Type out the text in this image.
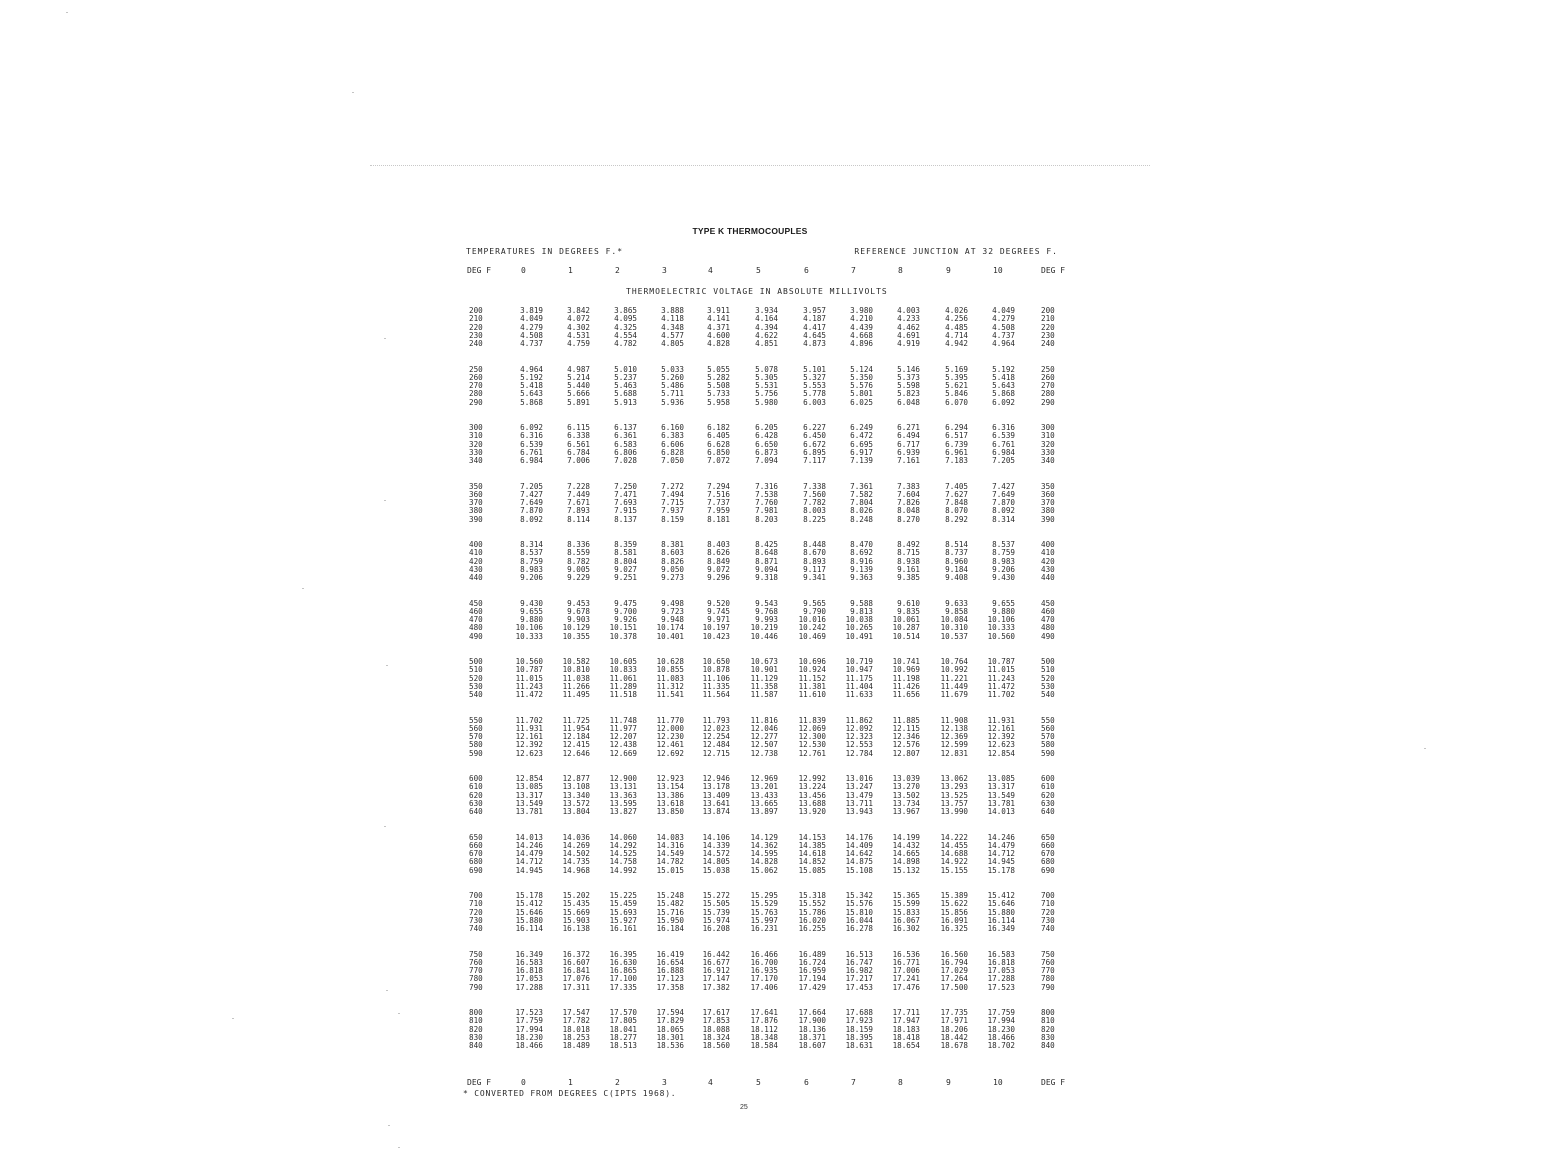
TYPE K THERMOCOUPLES
TEMPERATURES IN DEGREES F.*	REFERENCE JUNCTION AT 32 DEGREES F.
DEG F	0	1	2	3	4	5	6	7	8	9	10	DEG F
THERMOELECTRIC VOLTAGE IN ABSOLUTE MILLIVOLTS
200	3.819	3.842	3.865	3.888	3.911	3.934	3.957	3.980	4.003	4.026	4.049	200
210	4.049	4.072	4.095	4.118	4.141	4.164	4.187	4.210	4.233	4.256	4.279	210
220	4.279	4.302	4.325	4.348	4.371	4.394	4.417	4.439	4.462	4.485	4.508	220
230	4.508	4.531	4.554	4.577	4.600	4.622	4.645	4.668	4.691	4.714	4.737	230
240	4.737	4.759	4.782	4.805	4.828	4.851	4.873	4.896	4.919	4.942	4.964	240
250	4.964	4.987	5.010	5.033	5.055	5.078	5.101	5.124	5.146	5.169	5.192	250
260	5.192	5.214	5.237	5.260	5.282	5.305	5.327	5.350	5.373	5.395	5.418	260
270	5.418	5.440	5.463	5.486	5.508	5.531	5.553	5.576	5.598	5.621	5.643	270
280	5.643	5.666	5.688	5.711	5.733	5.756	5.778	5.801	5.823	5.846	5.868	280
290	5.868	5.891	5.913	5.936	5.958	5.980	6.003	6.025	6.048	6.070	6.092	290
300	6.092	6.115	6.137	6.160	6.182	6.205	6.227	6.249	6.271	6.294	6.316	300
310	6.316	6.338	6.361	6.383	6.405	6.428	6.450	6.472	6.494	6.517	6.539	310
320	6.539	6.561	6.583	6.606	6.628	6.650	6.672	6.695	6.717	6.739	6.761	320
330	6.761	6.784	6.806	6.828	6.850	6.873	6.895	6.917	6.939	6.961	6.984	330
340	6.984	7.006	7.028	7.050	7.072	7.094	7.117	7.139	7.161	7.183	7.205	340
350	7.205	7.228	7.250	7.272	7.294	7.316	7.338	7.361	7.383	7.405	7.427	350
360	7.427	7.449	7.471	7.494	7.516	7.538	7.560	7.582	7.604	7.627	7.649	360
370	7.649	7.671	7.693	7.715	7.737	7.760	7.782	7.804	7.826	7.848	7.870	370
380	7.870	7.893	7.915	7.937	7.959	7.981	8.003	8.026	8.048	8.070	8.092	380
390	8.092	8.114	8.137	8.159	8.181	8.203	8.225	8.248	8.270	8.292	8.314	390
400	8.314	8.336	8.359	8.381	8.403	8.425	8.448	8.470	8.492	8.514	8.537	400
410	8.537	8.559	8.581	8.603	8.626	8.648	8.670	8.692	8.715	8.737	8.759	410
420	8.759	8.782	8.804	8.826	8.849	8.871	8.893	8.916	8.938	8.960	8.983	420
430	8.983	9.005	9.027	9.050	9.072	9.094	9.117	9.139	9.161	9.184	9.206	430
440	9.206	9.229	9.251	9.273	9.296	9.318	9.341	9.363	9.385	9.408	9.430	440
450	9.430	9.453	9.475	9.498	9.520	9.543	9.565	9.588	9.610	9.633	9.655	450
460	9.655	9.678	9.700	9.723	9.745	9.768	9.790	9.813	9.835	9.858	9.880	460
470	9.880	9.903	9.926	9.948	9.971	9.993	10.016	10.038	10.061	10.084	10.106	470
480	10.106	10.129	10.151	10.174	10.197	10.219	10.242	10.265	10.287	10.310	10.333	480
490	10.333	10.355	10.378	10.401	10.423	10.446	10.469	10.491	10.514	10.537	10.560	490
500	10.560	10.582	10.605	10.628	10.650	10.673	10.696	10.719	10.741	10.764	10.787	500
510	10.787	10.810	10.833	10.855	10.878	10.901	10.924	10.947	10.969	10.992	11.015	510
520	11.015	11.038	11.061	11.083	11.106	11.129	11.152	11.175	11.198	11.221	11.243	520
530	11.243	11.266	11.289	11.312	11.335	11.358	11.381	11.404	11.426	11.449	11.472	530
540	11.472	11.495	11.518	11.541	11.564	11.587	11.610	11.633	11.656	11.679	11.702	540
550	11.702	11.725	11.748	11.770	11.793	11.816	11.839	11.862	11.885	11.908	11.931	550
560	11.931	11.954	11.977	12.000	12.023	12.046	12.069	12.092	12.115	12.138	12.161	560
570	12.161	12.184	12.207	12.230	12.254	12.277	12.300	12.323	12.346	12.369	12.392	570
580	12.392	12.415	12.438	12.461	12.484	12.507	12.530	12.553	12.576	12.599	12.623	580
590	12.623	12.646	12.669	12.692	12.715	12.738	12.761	12.784	12.807	12.831	12.854	590
600	12.854	12.877	12.900	12.923	12.946	12.969	12.992	13.016	13.039	13.062	13.085	600
610	13.085	13.108	13.131	13.154	13.178	13.201	13.224	13.247	13.270	13.293	13.317	610
620	13.317	13.340	13.363	13.386	13.409	13.433	13.456	13.479	13.502	13.525	13.549	620
630	13.549	13.572	13.595	13.618	13.641	13.665	13.688	13.711	13.734	13.757	13.781	630
640	13.781	13.804	13.827	13.850	13.874	13.897	13.920	13.943	13.967	13.990	14.013	640
650	14.013	14.036	14.060	14.083	14.106	14.129	14.153	14.176	14.199	14.222	14.246	650
660	14.246	14.269	14.292	14.316	14.339	14.362	14.385	14.409	14.432	14.455	14.479	660
670	14.479	14.502	14.525	14.549	14.572	14.595	14.618	14.642	14.665	14.688	14.712	670
680	14.712	14.735	14.758	14.782	14.805	14.828	14.852	14.875	14.898	14.922	14.945	680
690	14.945	14.968	14.992	15.015	15.038	15.062	15.085	15.108	15.132	15.155	15.178	690
700	15.178	15.202	15.225	15.248	15.272	15.295	15.318	15.342	15.365	15.389	15.412	700
710	15.412	15.435	15.459	15.482	15.505	15.529	15.552	15.576	15.599	15.622	15.646	710
720	15.646	15.669	15.693	15.716	15.739	15.763	15.786	15.810	15.833	15.856	15.880	720
730	15.880	15.903	15.927	15.950	15.974	15.997	16.020	16.044	16.067	16.091	16.114	730
740	16.114	16.138	16.161	16.184	16.208	16.231	16.255	16.278	16.302	16.325	16.349	740
750	16.349	16.372	16.395	16.419	16.442	16.466	16.489	16.513	16.536	16.560	16.583	750
760	16.583	16.607	16.630	16.654	16.677	16.700	16.724	16.747	16.771	16.794	16.818	760
770	16.818	16.841	16.865	16.888	16.912	16.935	16.959	16.982	17.006	17.029	17.053	770
780	17.053	17.076	17.100	17.123	17.147	17.170	17.194	17.217	17.241	17.264	17.288	780
790	17.288	17.311	17.335	17.358	17.382	17.406	17.429	17.453	17.476	17.500	17.523	790
800	17.523	17.547	17.570	17.594	17.617	17.641	17.664	17.688	17.711	17.735	17.759	800
810	17.759	17.782	17.805	17.829	17.853	17.876	17.900	17.923	17.947	17.971	17.994	810
820	17.994	18.018	18.041	18.065	18.088	18.112	18.136	18.159	18.183	18.206	18.230	820
830	18.230	18.253	18.277	18.301	18.324	18.348	18.371	18.395	18.418	18.442	18.466	830
840	18.466	18.489	18.513	18.536	18.560	18.584	18.607	18.631	18.654	18.678	18.702	840
DEG F	0	1	2	3	4	5	6	7	8	9	10	DEG F
* CONVERTED FROM DEGREES C(IPTS 1968).
25
